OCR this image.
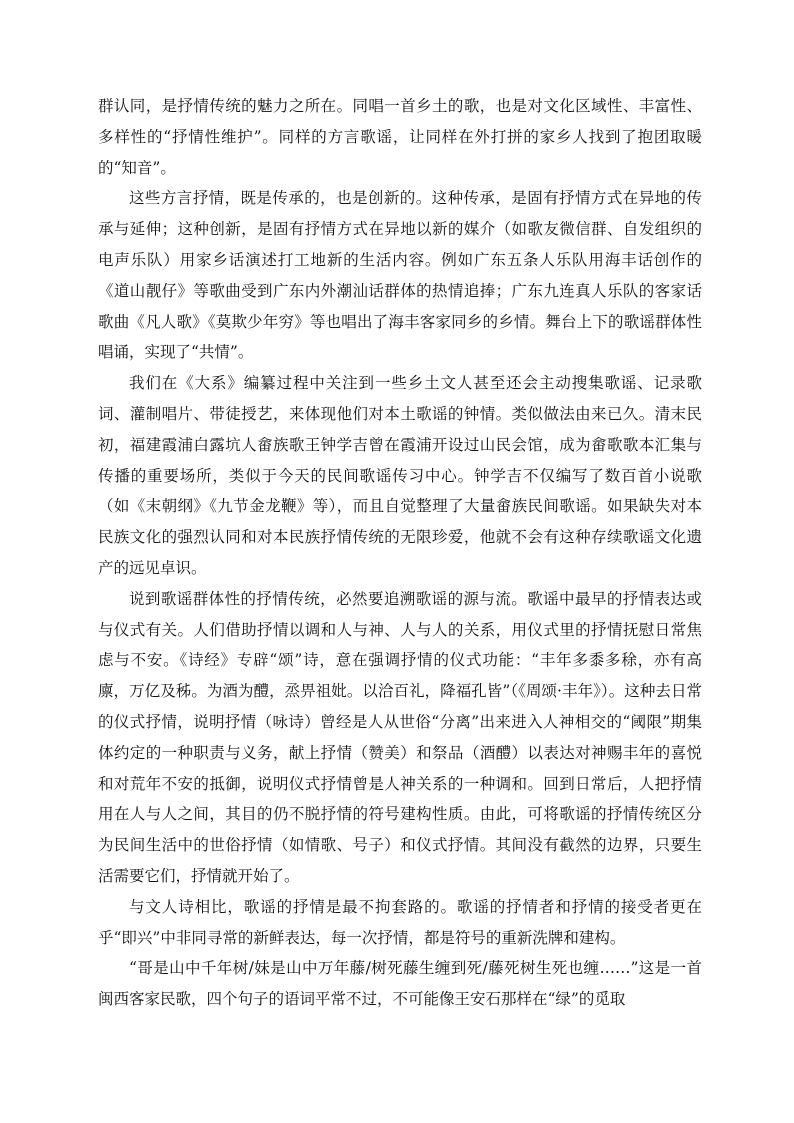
群认同，是抒情传统的魅力之所在。同唱一首乡土的歌，也是对文化区域性、丰富性、多样性的“抒情性维护”。同样的方言歌谣，让同样在外打拼的家乡人找到了抱团取暖的“知音”。

这些方言抒情，既是传承的，也是创新的。这种传承，是固有抒情方式在异地的传承与延伸；这种创新，是固有抒情方式在异地以新的媒介（如歌友微信群、自发组织的电声乐队）用家乡话演述打工地新的生活内容。例如广东五条人乐队用海丰话创作的《道山靓仔》等歌曲受到广东内外潮汕话群体的热情追捧；广东九连真人乐队的客家话歌曲《凡人歌》《莫欺少年穷》等也唱出了海丰客家同乡的乡情。舞台上下的歌谣群体性唱诵，实现了“共情”。

我们在《大系》编纂过程中关注到一些乡土文人甚至还会主动搜集歌谣、记录歌词、灌制唱片、带徒授艺，来体现他们对本土歌谣的钟情。类似做法由来已久。清末民初，福建霞浦白露坑人畲族歌王钟学吉曾在霞浦开设过山民会馆，成为畲歌歌本汇集与传播的重要场所，类似于今天的民间歌谣传习中心。钟学吉不仅编写了数百首小说歌（如《末朝纲》《九节金龙鞭》等），而且自觉整理了大量畲族民间歌谣。如果缺失对本民族文化的强烈认同和对本民族抒情传统的无限珍爱，他就不会有这种存续歌谣文化遗产的远见卓识。

说到歌谣群体性的抒情传统，必然要追溯歌谣的源与流。歌谣中最早的抒情表达或与仪式有关。人们借助抒情以调和人与神、人与人的关系，用仪式里的抒情抚慰日常焦虑与不安。《诗经》专辟“颂”诗，意在强调抒情的仪式功能：“丰年多黍多稌，亦有高廪，万亿及秭。为酒为醴，烝畀祖妣。以洽百礼，降福孔皆”（《周颂·丰年》）。这种去日常的仪式抒情，说明抒情（咏诗）曾经是人从世俗“分离”出来进入人神相交的“阈限”期集体约定的一种职责与义务，献上抒情（赞美）和祭品（酒醴）以表达对神赐丰年的喜悦和对荒年不安的抵御，说明仪式抒情曾是人神关系的一种调和。回到日常后，人把抒情用在人与人之间，其目的仍不脱抒情的符号建构性质。由此，可将歌谣的抒情传统区分为民间生活中的世俗抒情（如情歌、号子）和仪式抒情。其间没有截然的边界，只要生活需要它们，抒情就开始了。

与文人诗相比，歌谣的抒情是最不拘套路的。歌谣的抒情者和抒情的接受者更在乎“即兴”中非同寻常的新鲜表达，每一次抒情，都是符号的重新洗牌和建构。

“哥是山中千年树/妹是山中万年藤/树死藤生缠到死/藤死树生死也缠……”这是一首闽西客家民歌，四个句子的语词平常不过，不可能像王安石那样在“绿”的觅取
